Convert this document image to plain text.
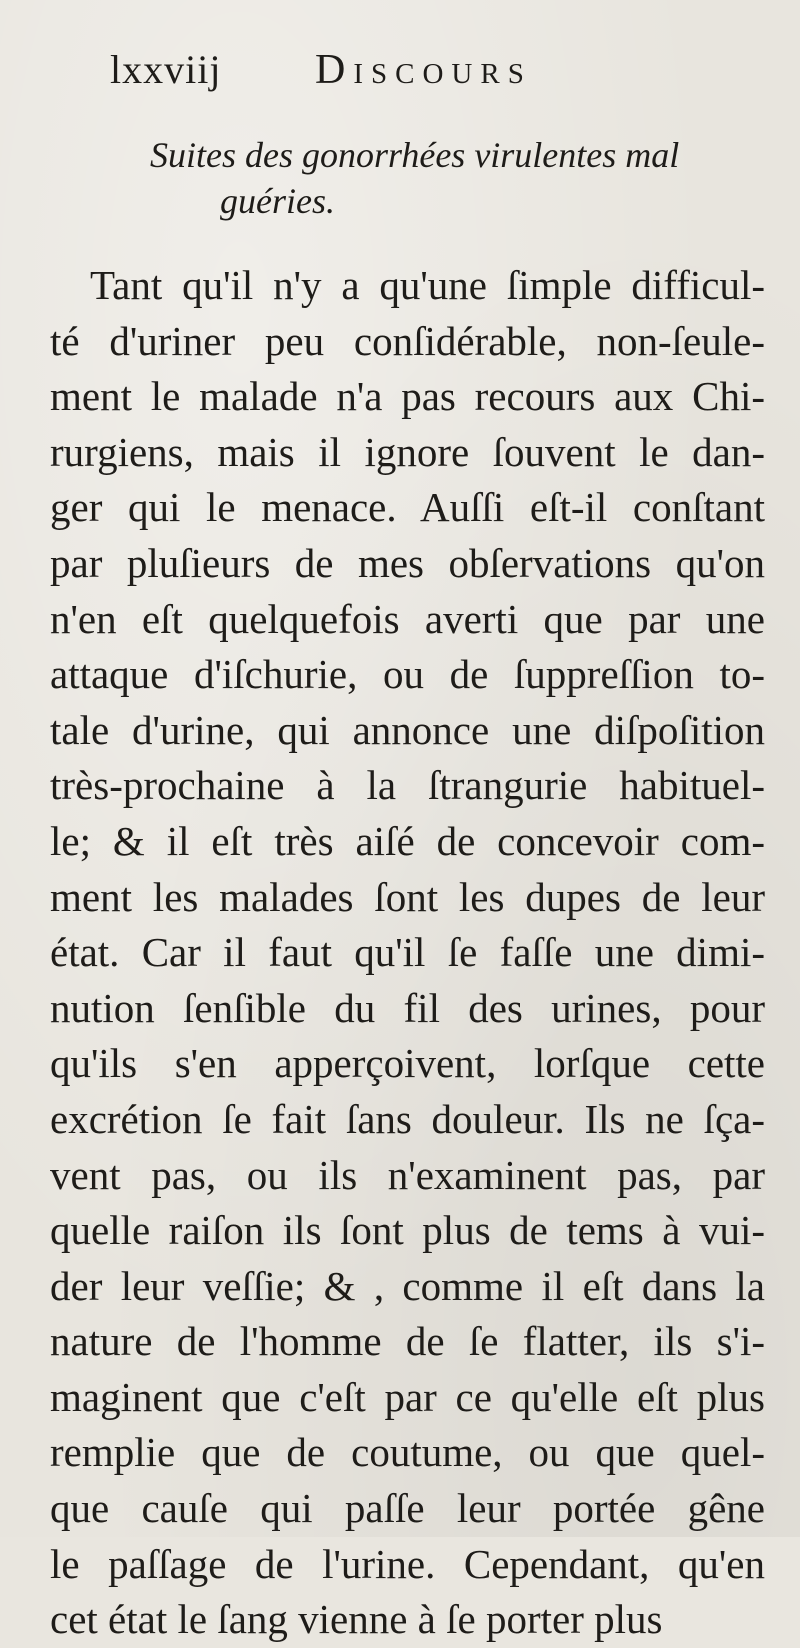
lxxviij Discours
Suites des gonorrhées virulentes mal
guéries.
Tant qu'il n'y a qu'une ſimple difficul-
té d'uriner peu conſidérable, non-ſeule-
ment le malade n'a pas recours aux Chi-
rurgiens, mais il ignore ſouvent le dan-
ger qui le menace. Auſſi eſt-il conſtant
par pluſieurs de mes obſervations qu'on
n'en eſt quelquefois averti que par une
attaque d'iſchurie, ou de ſuppreſſion to-
tale d'urine, qui annonce une diſpoſition
très-prochaine à la ſtrangurie habituel-
le; & il eſt très aiſé de concevoir com-
ment les malades ſont les dupes de leur
état. Car il faut qu'il ſe faſſe une dimi-
nution ſenſible du fil des urines, pour
qu'ils s'en apperçoivent, lorſque cette
excrétion ſe fait ſans douleur. Ils ne ſça-
vent pas, ou ils n'examinent pas, par
quelle raiſon ils ſont plus de tems à vui-
der leur veſſie; & , comme il eſt dans la
nature de l'homme de ſe flatter, ils s'i-
maginent que c'eſt par ce qu'elle eſt plus
remplie que de coutume, ou que quel-
que cauſe qui paſſe leur portée gêne
le paſſage de l'urine. Cependant, qu'en
cet état le ſang vienne à ſe porter plus
